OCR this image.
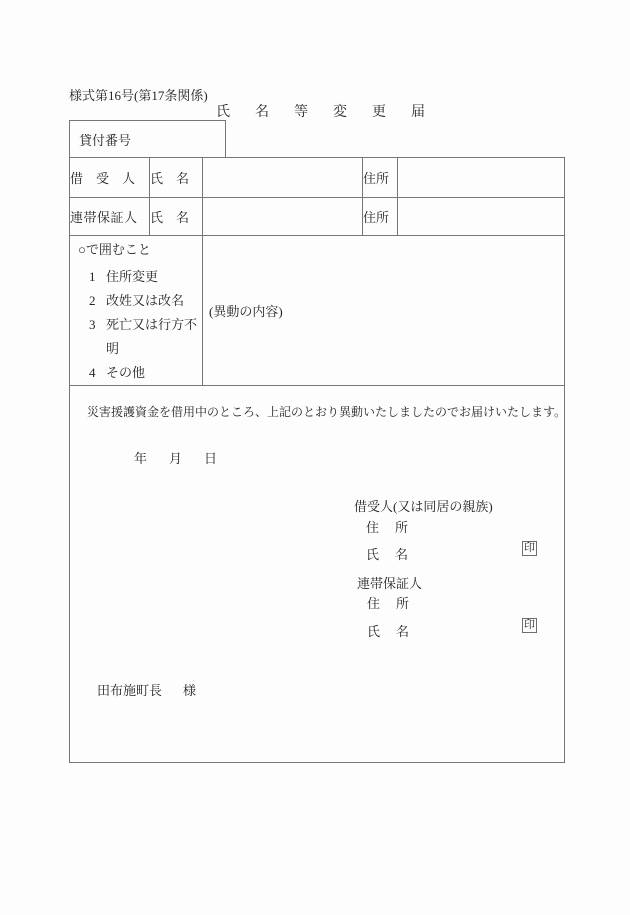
様式第16号(第17条関係)
氏名等変更届
貸付番号
借受人	氏名		住所	
連帯保証人	氏名		住所	

○で囲むこと
1 住所変更
2 改姓又は改名
3 死亡又は行方不明
4 その他

(異動の内容)

災害援護資金を借用中のところ、上記のとおり異動いたしましたのでお届けいたします。
年 月 日
借受人(又は同居の親族)
住所
氏名	印
連帯保証人
住所
氏名	印
田布施町長 様
